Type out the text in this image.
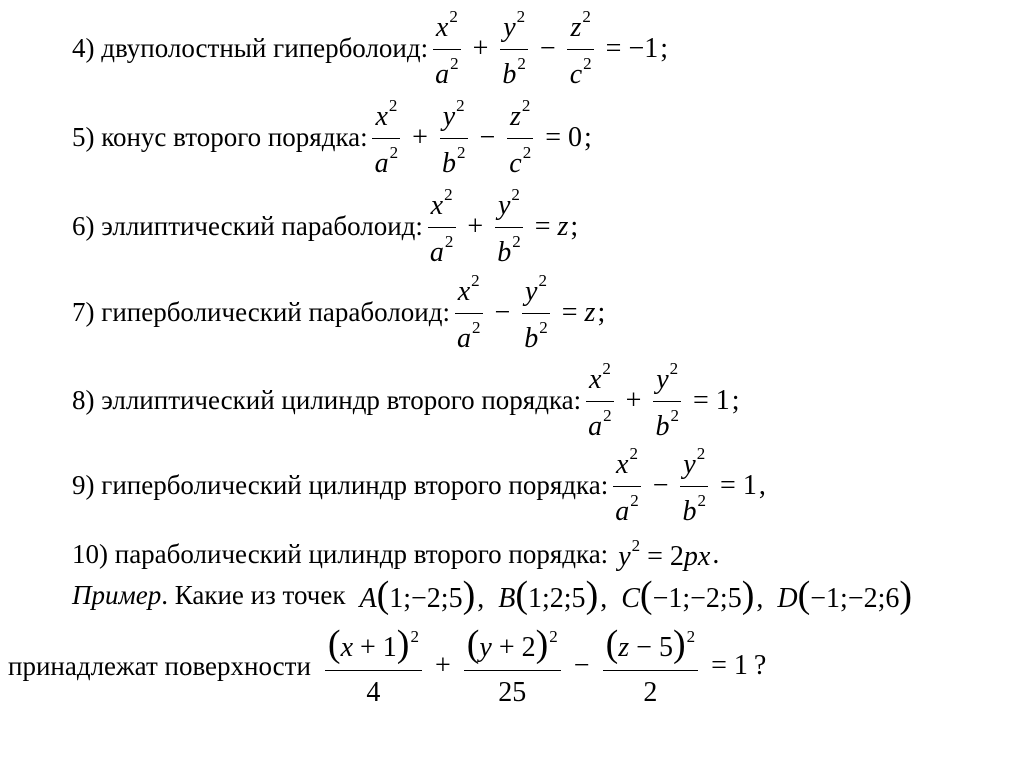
4) двуполостный гиперболоид: $\frac{x^2}{a^2} + \frac{y^2}{b^2} - \frac{z^2}{c^2} = -1$ ;
5) конус второго порядка: $\frac{x^2}{a^2} + \frac{y^2}{b^2} - \frac{z^2}{c^2} = 0$ ;
6) эллиптический параболоид: $\frac{x^2}{a^2} + \frac{y^2}{b^2} = z$ ;
7) гиперболический параболоид: $\frac{x^2}{a^2} - \frac{y^2}{b^2} = z$ ;
8) эллиптический цилиндр второго порядка: $\frac{x^2}{a^2} + \frac{y^2}{b^2} = 1$ ;
9) гиперболический цилиндр второго порядка: $\frac{x^2}{a^2} - \frac{y^2}{b^2} = 1$ ,
10) параболический цилиндр второго порядка: $y^2 = 2px$ .
Пример . Какие из точек A(1;−2;5), B(1;2;5), C(−1;−2;5), D(−1;−2;6)
принадлежат поверхности $\frac{(x + 1)^2}{4} + \frac{(y + 2)^2}{25} - \frac{(z - 5)^2}{2} = 1$ ?
